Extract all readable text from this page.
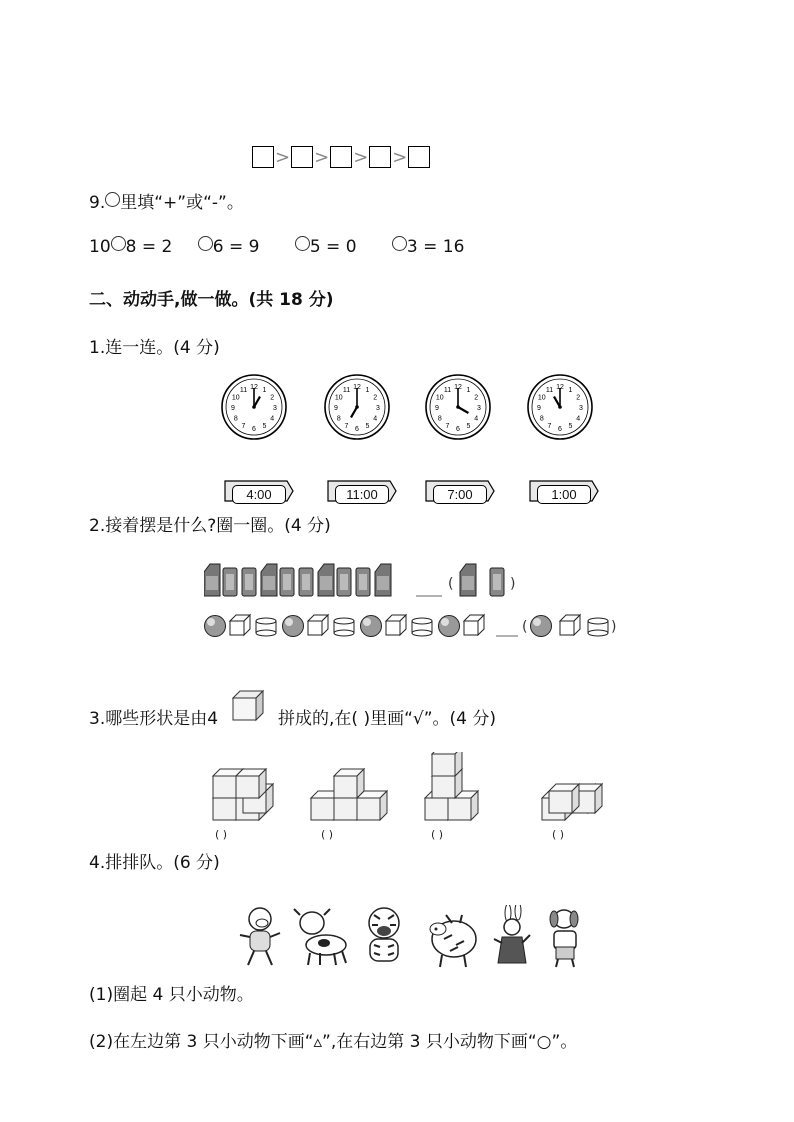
> > > >
9. 里填“+”或“-”。
10 8 = 2 6 = 9	5 = 0	3 = 16
二、动动手,做一做。(共 18 分)
1.连一连。(4 分)
1
2
3
4
5
6
7
8
9
10
11 12	1
2
3
4
5
6
7
8
9
10
11 12	1
2
3
4
5
6
7
8
9
10
11 12	1
2
3
4
5
6
7
8
9
10
11 12
4:00	11:00	7:00	1:00
2.接着摆是什么?圈一圈。(4 分)
(	)
(	)
3.哪些形状是由4	拼成的,在( )里画“√”。(4 分)
( )	( )	( )	( )
4.排排队。(6 分)
(1)圈起 4 只小动物。
(2)在左边第 3 只小动物下画“▵”,在右边第 3 只小动物下画“○”。
